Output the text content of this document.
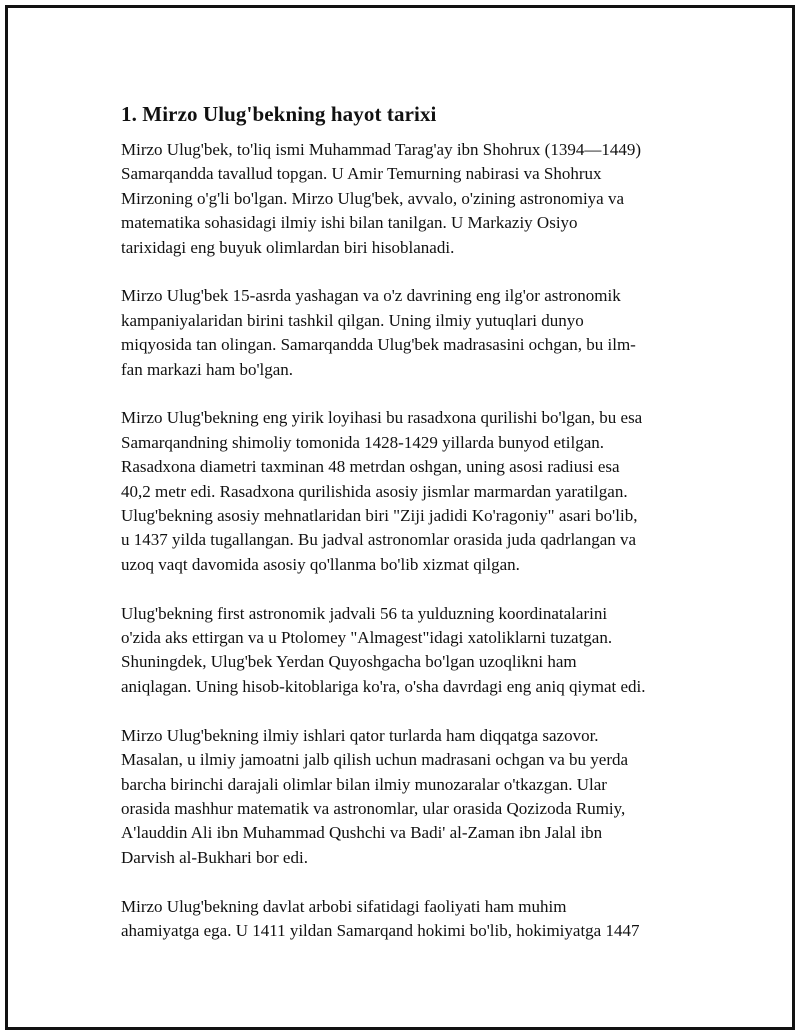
1. Mirzo Ulug'bekning hayot tarixi
Mirzo Ulug'bek, to'liq ismi Muhammad Tarag'ay ibn Shohrux (1394—1449)
Samarqandda tavallud topgan. U Amir Temurning nabirasi va Shohrux
Mirzoning o'g'li bo'lgan. Mirzo Ulug'bek, avvalo, o'zining astronomiya va
matematika sohasidagi ilmiy ishi bilan tanilgan. U Markaziy Osiyo
tarixidagi eng buyuk olimlardan biri hisoblanadi.
Mirzo Ulug'bek 15-asrda yashagan va o'z davrining eng ilg'or astronomik
kampaniyalaridan birini tashkil qilgan. Uning ilmiy yutuqlari dunyo
miqyosida tan olingan. Samarqandda Ulug'bek madrasasini ochgan, bu ilm-
fan markazi ham bo'lgan.
Mirzo Ulug'bekning eng yirik loyihasi bu rasadxona qurilishi bo'lgan, bu esa
Samarqandning shimoliy tomonida 1428-1429 yillarda bunyod etilgan.
Rasadxona diametri taxminan 48 metrdan oshgan, uning asosi radiusi esa
40,2 metr edi. Rasadxona qurilishida asosiy jismlar marmardan yaratilgan.
Ulug'bekning asosiy mehnatlaridan biri "Ziji jadidi Ko'ragoniy" asari bo'lib,
u 1437 yilda tugallangan. Bu jadval astronomlar orasida juda qadrlangan va
uzoq vaqt davomida asosiy qo'llanma bo'lib xizmat qilgan.
Ulug'bekning first astronomik jadvali 56 ta yulduzning koordinatalarini
o'zida aks ettirgan va u Ptolomey "Almagest"idagi xatoliklarni tuzatgan.
Shuningdek, Ulug'bek Yerdan Quyoshgacha bo'lgan uzoqlikni ham
aniqlagan. Uning hisob-kitoblariga ko'ra, o'sha davrdagi eng aniq qiymat edi.
Mirzo Ulug'bekning ilmiy ishlari qator turlarda ham diqqatga sazovor.
Masalan, u ilmiy jamoatni jalb qilish uchun madrasani ochgan va bu yerda
barcha birinchi darajali olimlar bilan ilmiy munozaralar o'tkazgan. Ular
orasida mashhur matematik va astronomlar, ular orasida Qozizoda Rumiy,
A'lauddin Ali ibn Muhammad Qushchi va Badi' al-Zaman ibn Jalal ibn
Darvish al-Bukhari bor edi.
Mirzo Ulug'bekning davlat arbobi sifatidagi faoliyati ham muhim
ahamiyatga ega. U 1411 yildan Samarqand hokimi bo'lib, hokimiyatga 1447
